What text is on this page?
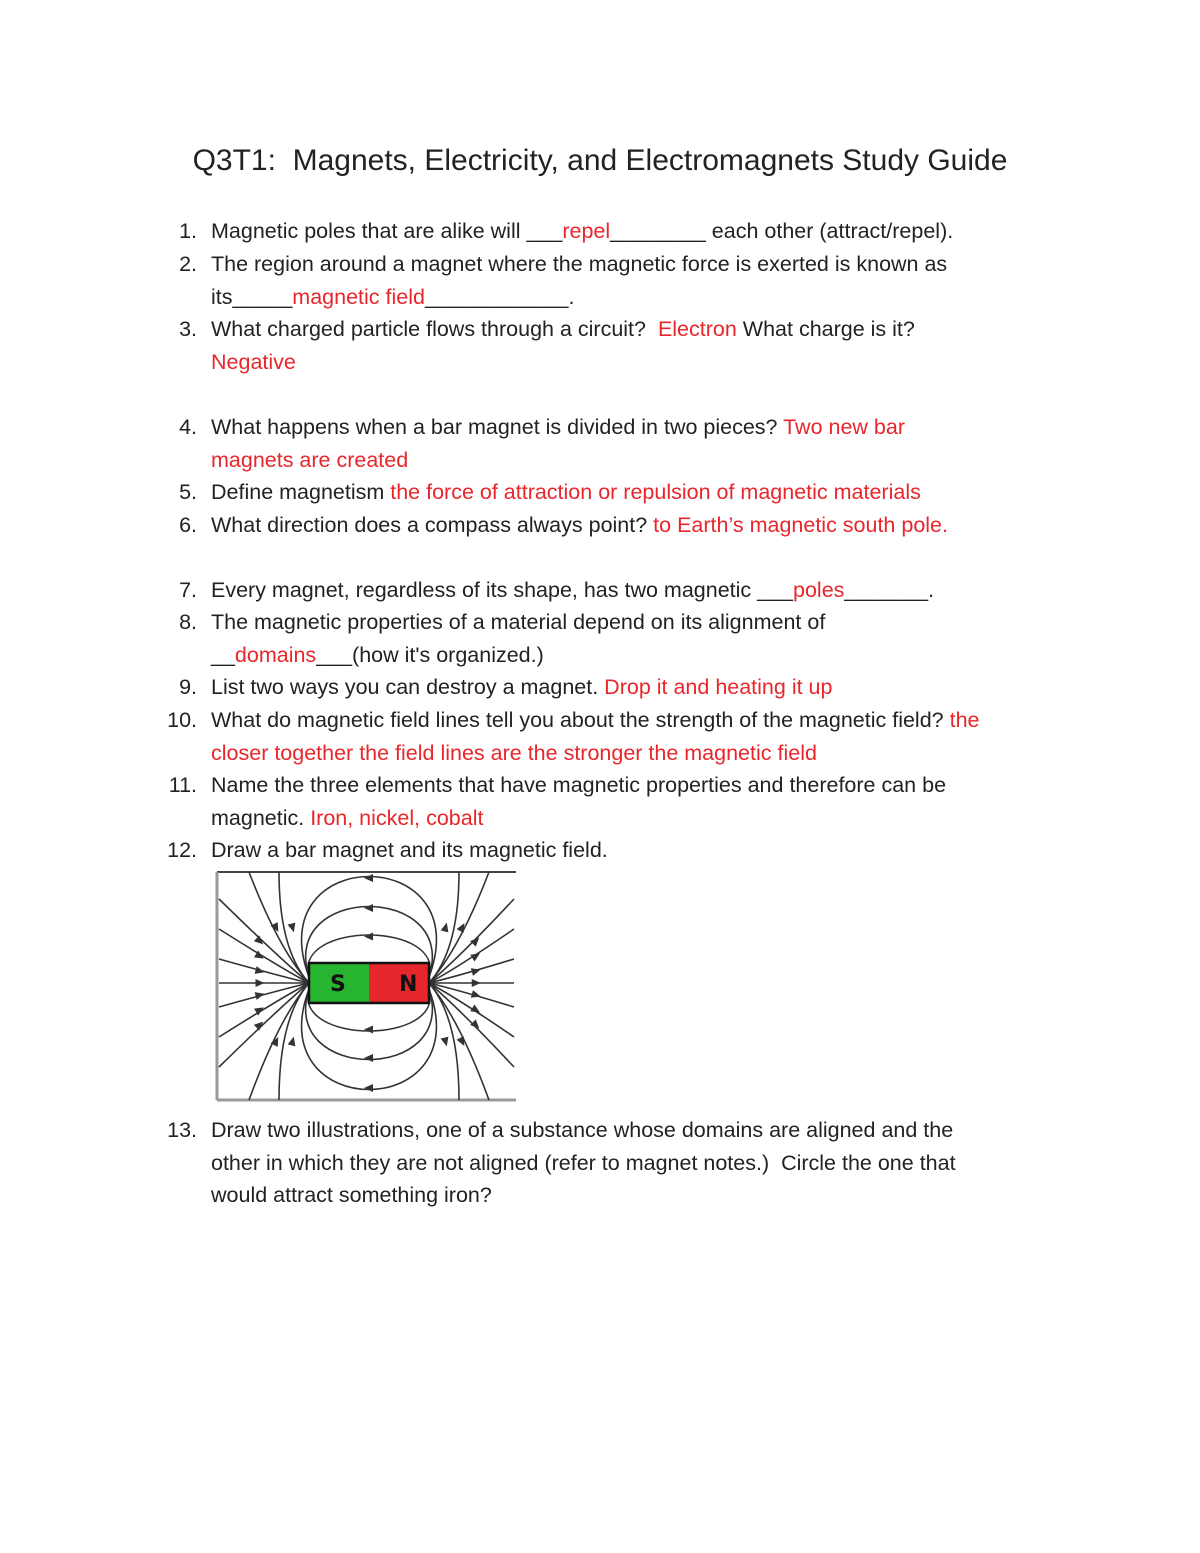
Q3T1:  Magnets, Electricity, and Electromagnets Study Guide
1. Magnetic poles that are alike will ___repel________ each other (attract/repel).
2. The region around a magnet where the magnetic force is exerted is known as
its_____magnetic field____________.
3. What charged particle flows through a circuit?  Electron What charge is it?
Negative
4. What happens when a bar magnet is divided in two pieces? Two new bar
magnets are created
5. Define magnetism the force of attraction or repulsion of magnetic materials
6. What direction does a compass always point? to Earth’s magnetic south pole.
7. Every magnet, regardless of its shape, has two magnetic ___poles_______.
8. The magnetic properties of a material depend on its alignment of
__domains___(how it's organized.)
9. List two ways you can destroy a magnet. Drop it and heating it up
10. What do magnetic field lines tell you about the strength of the magnetic field? the
closer together the field lines are the stronger the magnetic field
11. Name the three elements that have magnetic properties and therefore can be
magnetic. Iron, nickel, cobalt
12. Draw a bar magnet and its magnetic field.
13. Draw two illustrations, one of a substance whose domains are aligned and the
other in which they are not aligned (refer to magnet notes.)  Circle the one that
would attract something iron?
S N
